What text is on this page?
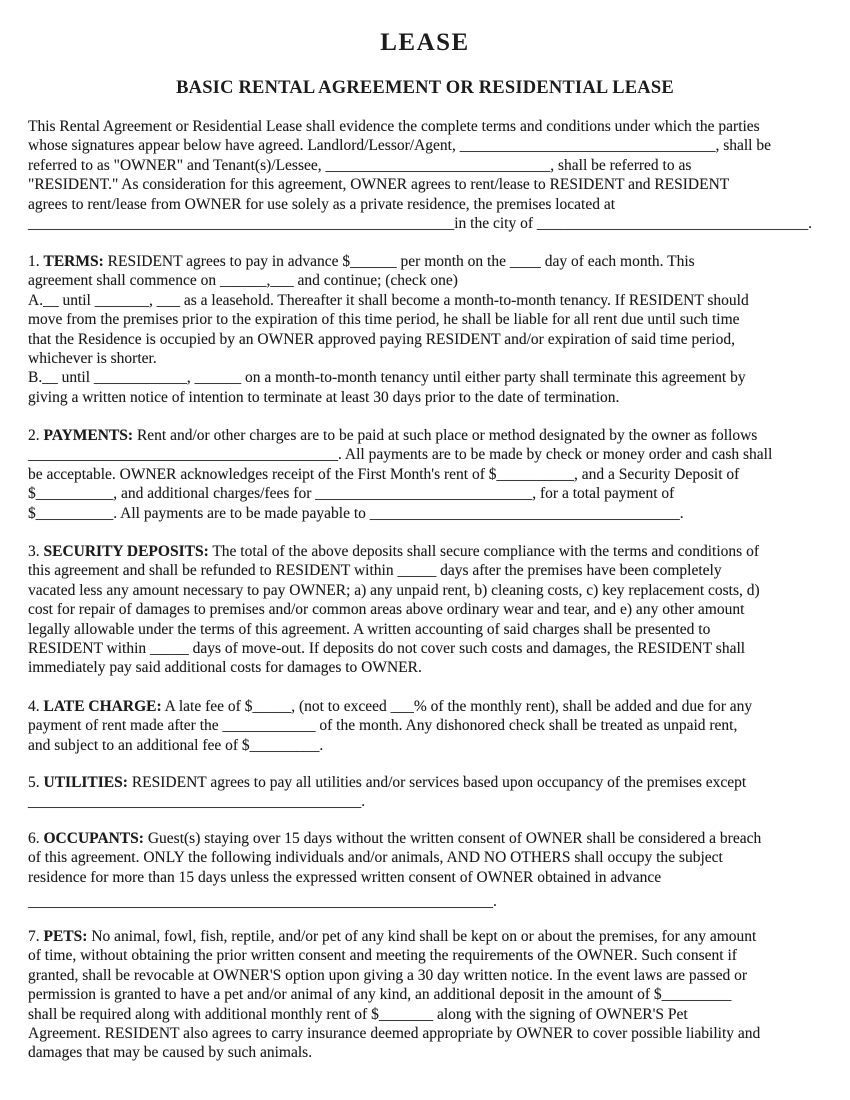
LEASE
BASIC RENTAL AGREEMENT OR RESIDENTIAL LEASE
This Rental Agreement or Residential Lease shall evidence the complete terms and conditions under which the parties
whose signatures appear below have agreed. Landlord/Lessor/Agent, _________________________________, shall be
referred to as "OWNER" and Tenant(s)/Lessee, _____________________________, shall be referred to as
"RESIDENT." As consideration for this agreement, OWNER agrees to rent/lease to RESIDENT and RESIDENT
agrees to rent/lease from OWNER for use solely as a private residence, the premises located at
_______________________________________________________in the city of ___________________________________.
1. TERMS: RESIDENT agrees to pay in advance $______ per month on the ____ day of each month. This
agreement shall commence on ______,___ and continue; (check one)
A.__ until _______, ___ as a leasehold. Thereafter it shall become a month-to-month tenancy. If RESIDENT should
move from the premises prior to the expiration of this time period, he shall be liable for all rent due until such time
that the Residence is occupied by an OWNER approved paying RESIDENT and/or expiration of said time period,
whichever is shorter.
B.__ until ____________, ______ on a month-to-month tenancy until either party shall terminate this agreement by
giving a written notice of intention to terminate at least 30 days prior to the date of termination.
2. PAYMENTS: Rent and/or other charges are to be paid at such place or method designated by the owner as follows
________________________________________. All payments are to be made by check or money order and cash shall
be acceptable. OWNER acknowledges receipt of the First Month's rent of $__________, and a Security Deposit of
$__________, and additional charges/fees for ____________________________, for a total payment of
$__________. All payments are to be made payable to ________________________________________.
3. SECURITY DEPOSITS: The total of the above deposits shall secure compliance with the terms and conditions of
this agreement and shall be refunded to RESIDENT within _____ days after the premises have been completely
vacated less any amount necessary to pay OWNER; a) any unpaid rent, b) cleaning costs, c) key replacement costs, d)
cost for repair of damages to premises and/or common areas above ordinary wear and tear, and e) any other amount
legally allowable under the terms of this agreement. A written accounting of said charges shall be presented to
RESIDENT within _____ days of move-out. If deposits do not cover such costs and damages, the RESIDENT shall
immediately pay said additional costs for damages to OWNER.
4. LATE CHARGE: A late fee of $_____, (not to exceed ___% of the monthly rent), shall be added and due for any
payment of rent made after the ____________ of the month. Any dishonored check shall be treated as unpaid rent,
and subject to an additional fee of $_________.
5. UTILITIES: RESIDENT agrees to pay all utilities and/or services based upon occupancy of the premises except
___________________________________________.
6. OCCUPANTS: Guest(s) staying over 15 days without the written consent of OWNER shall be considered a breach
of this agreement. ONLY the following individuals and/or animals, AND NO OTHERS shall occupy the subject
residence for more than 15 days unless the expressed written consent of OWNER obtained in advance
____________________________________________________________.
7. PETS: No animal, fowl, fish, reptile, and/or pet of any kind shall be kept on or about the premises, for any amount
of time, without obtaining the prior written consent and meeting the requirements of the OWNER. Such consent if
granted, shall be revocable at OWNER'S option upon giving a 30 day written notice. In the event laws are passed or
permission is granted to have a pet and/or animal of any kind, an additional deposit in the amount of $_________
shall be required along with additional monthly rent of $_______ along with the signing of OWNER'S Pet
Agreement. RESIDENT also agrees to carry insurance deemed appropriate by OWNER to cover possible liability and
damages that may be caused by such animals.
